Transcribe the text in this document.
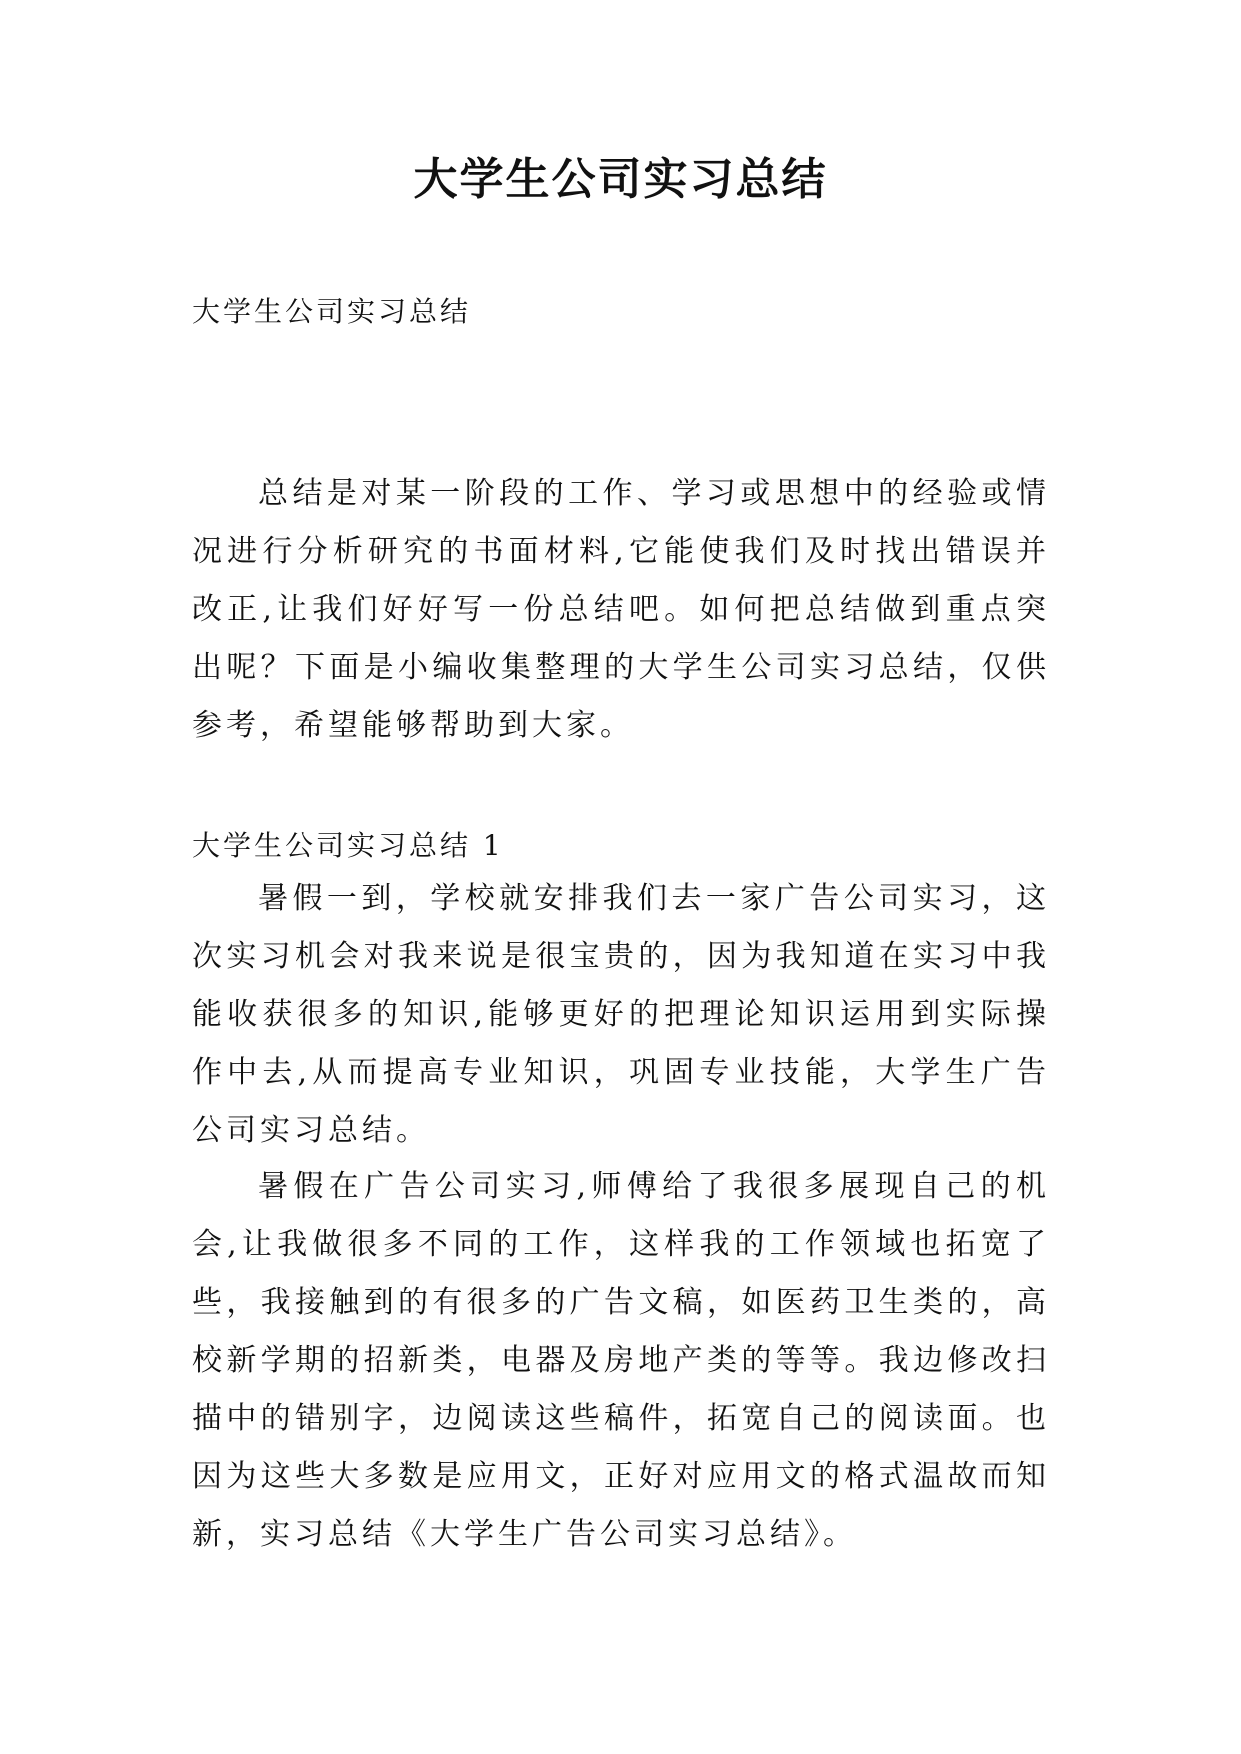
大学生公司实习总结

大学生公司实习总结

总结是对某一阶段的工作、学习或思想中的经验或情况进行分析研究的书面材料,它能使我们及时找出错误并改正,让我们好好写一份总结吧。如何把总结做到重点突出呢？下面是小编收集整理的大学生公司实习总结，仅供参考，希望能够帮助到大家。

大学生公司实习总结 1

暑假一到，学校就安排我们去一家广告公司实习，这次实习机会对我来说是很宝贵的，因为我知道在实习中我能收获很多的知识,能够更好的把理论知识运用到实际操作中去,从而提高专业知识，巩固专业技能，大学生广告公司实习总结。

暑假在广告公司实习,师傅给了我很多展现自己的机会,让我做很多不同的工作，这样我的工作领域也拓宽了些，我接触到的有很多的广告文稿，如医药卫生类的，高校新学期的招新类，电器及房地产类的等等。我边修改扫描中的错别字，边阅读这些稿件，拓宽自己的阅读面。也因为这些大多数是应用文，正好对应用文的格式温故而知新，实习总结《大学生广告公司实习总结》。
